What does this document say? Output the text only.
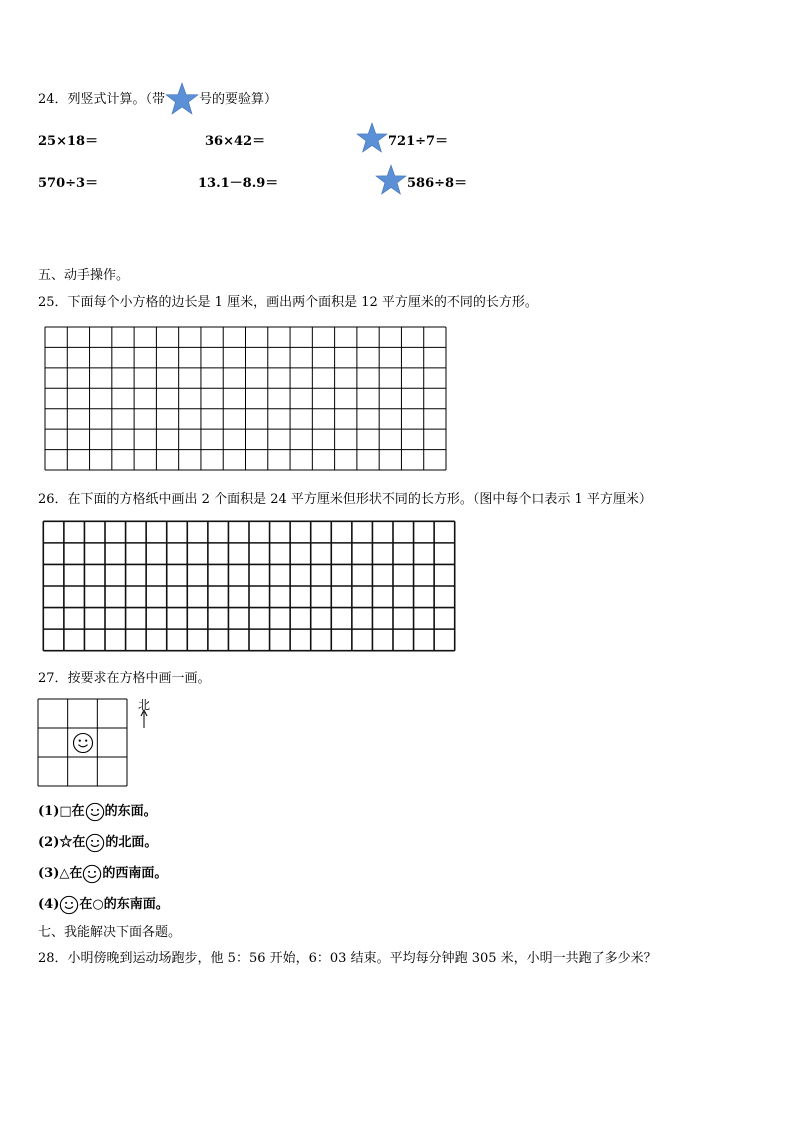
24．列竖式计算。（带	号的要验算）
25×18＝	36×42＝	721÷7＝
570÷3＝	13.1－8.9＝	586÷8＝
五、动手操作。
25．下面每个小方格的边长是 1 厘米，画出两个面积是 12 平方厘米的不同的长方形。
26．在下面的方格纸中画出 2 个面积是 24 平方厘米但形状不同的长方形。（图中每个口表示 1 平方厘米）
27．按要求在方格中画一画。
北
(1)□在 的东面。
(2)☆在 的北面。
(3)△在 的西南面。
(4) 在○的东南面。
七、我能解决下面各题。
28．小明傍晚到运动场跑步，他 5：56 开始，6：03 结束。平均每分钟跑 305 米，小明一共跑了多少米？
